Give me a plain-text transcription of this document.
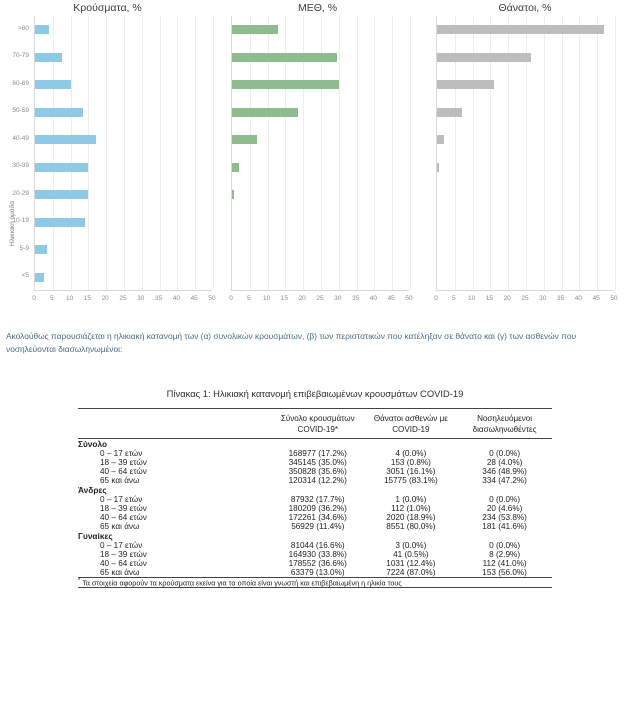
Κρούσματα, %
Ηλικιακή ομάδα
>80
70-79
60-69
50-59
40-49
30-39
20-29
10-19
5-9
<5
0	5	10	15	20	25	30	35	40	45	50
ΜΕΘ, %
0	5	10	15	20	25	30	35	40	45	50
Θάνατοι, %
0	5	10	15	20	25	30	35	40	45	50
Ακολούθως παρουσιάζεται η ηλικιακή κατανομή των (α) συνολικών κρουσμάτων, (β) των περιστατικών που κατέληξαν σε θάνατο και (γ) των ασθενών που νοσηλεύονται διασωληνωμένοι:
Πίνακας 1: Ηλικιακή κατανομή επιβεβαιωμένων κρουσμάτων COVID-19

	Σύνολο κρουσμάτων COVID-19*	Θάνατοι ασθενών με COVID-19	Νοσηλευόμενοι διασωληνωθέντες

Σύνολο			
0 – 17 ετών	168977 (17.2%)	4 (0.0%)	0 (0.0%)
18 – 39 ετών	345145 (35.0%)	153 (0.8%)	28 (4.0%)
40 – 64 ετών	350828 (35.6%)	3051 (16.1%)	346 (48.9%)
65 και άνω	120314 (12.2%)	15775 (83.1%)	334 (47.2%)
Άνδρες			
0 – 17 ετών	87932 (17.7%)	1 (0.0%)	0 (0.0%)
18 – 39 ετών	180209 (36.2%)	112 (1.0%)	20 (4.6%)
40 – 64 ετών	172261 (34.6%)	2020 (18.9%)	234 (53.8%)
65 και άνω	56929 (11.4%)	8551 (80.0%)	181 (41.6%)
Γυναίκες			
0 – 17 ετών	81044 (16.6%)	3 (0.0%)	0 (0.0%)
18 – 39 ετών	164930 (33.8%)	41 (0.5%)	8 (2.9%)
40 – 64 ετών	178552 (36.6%)	1031 (12.4%)	112 (41.0%)
65 και άνω	63379 (13.0%)	7224 (87.0%)	153 (56.0%)
* Τα στοιχεία αφορούν τα κρούσματα εκείνα για τα οποία είναι γνωστή και επιβεβαιωμένη η ηλικία τους			
